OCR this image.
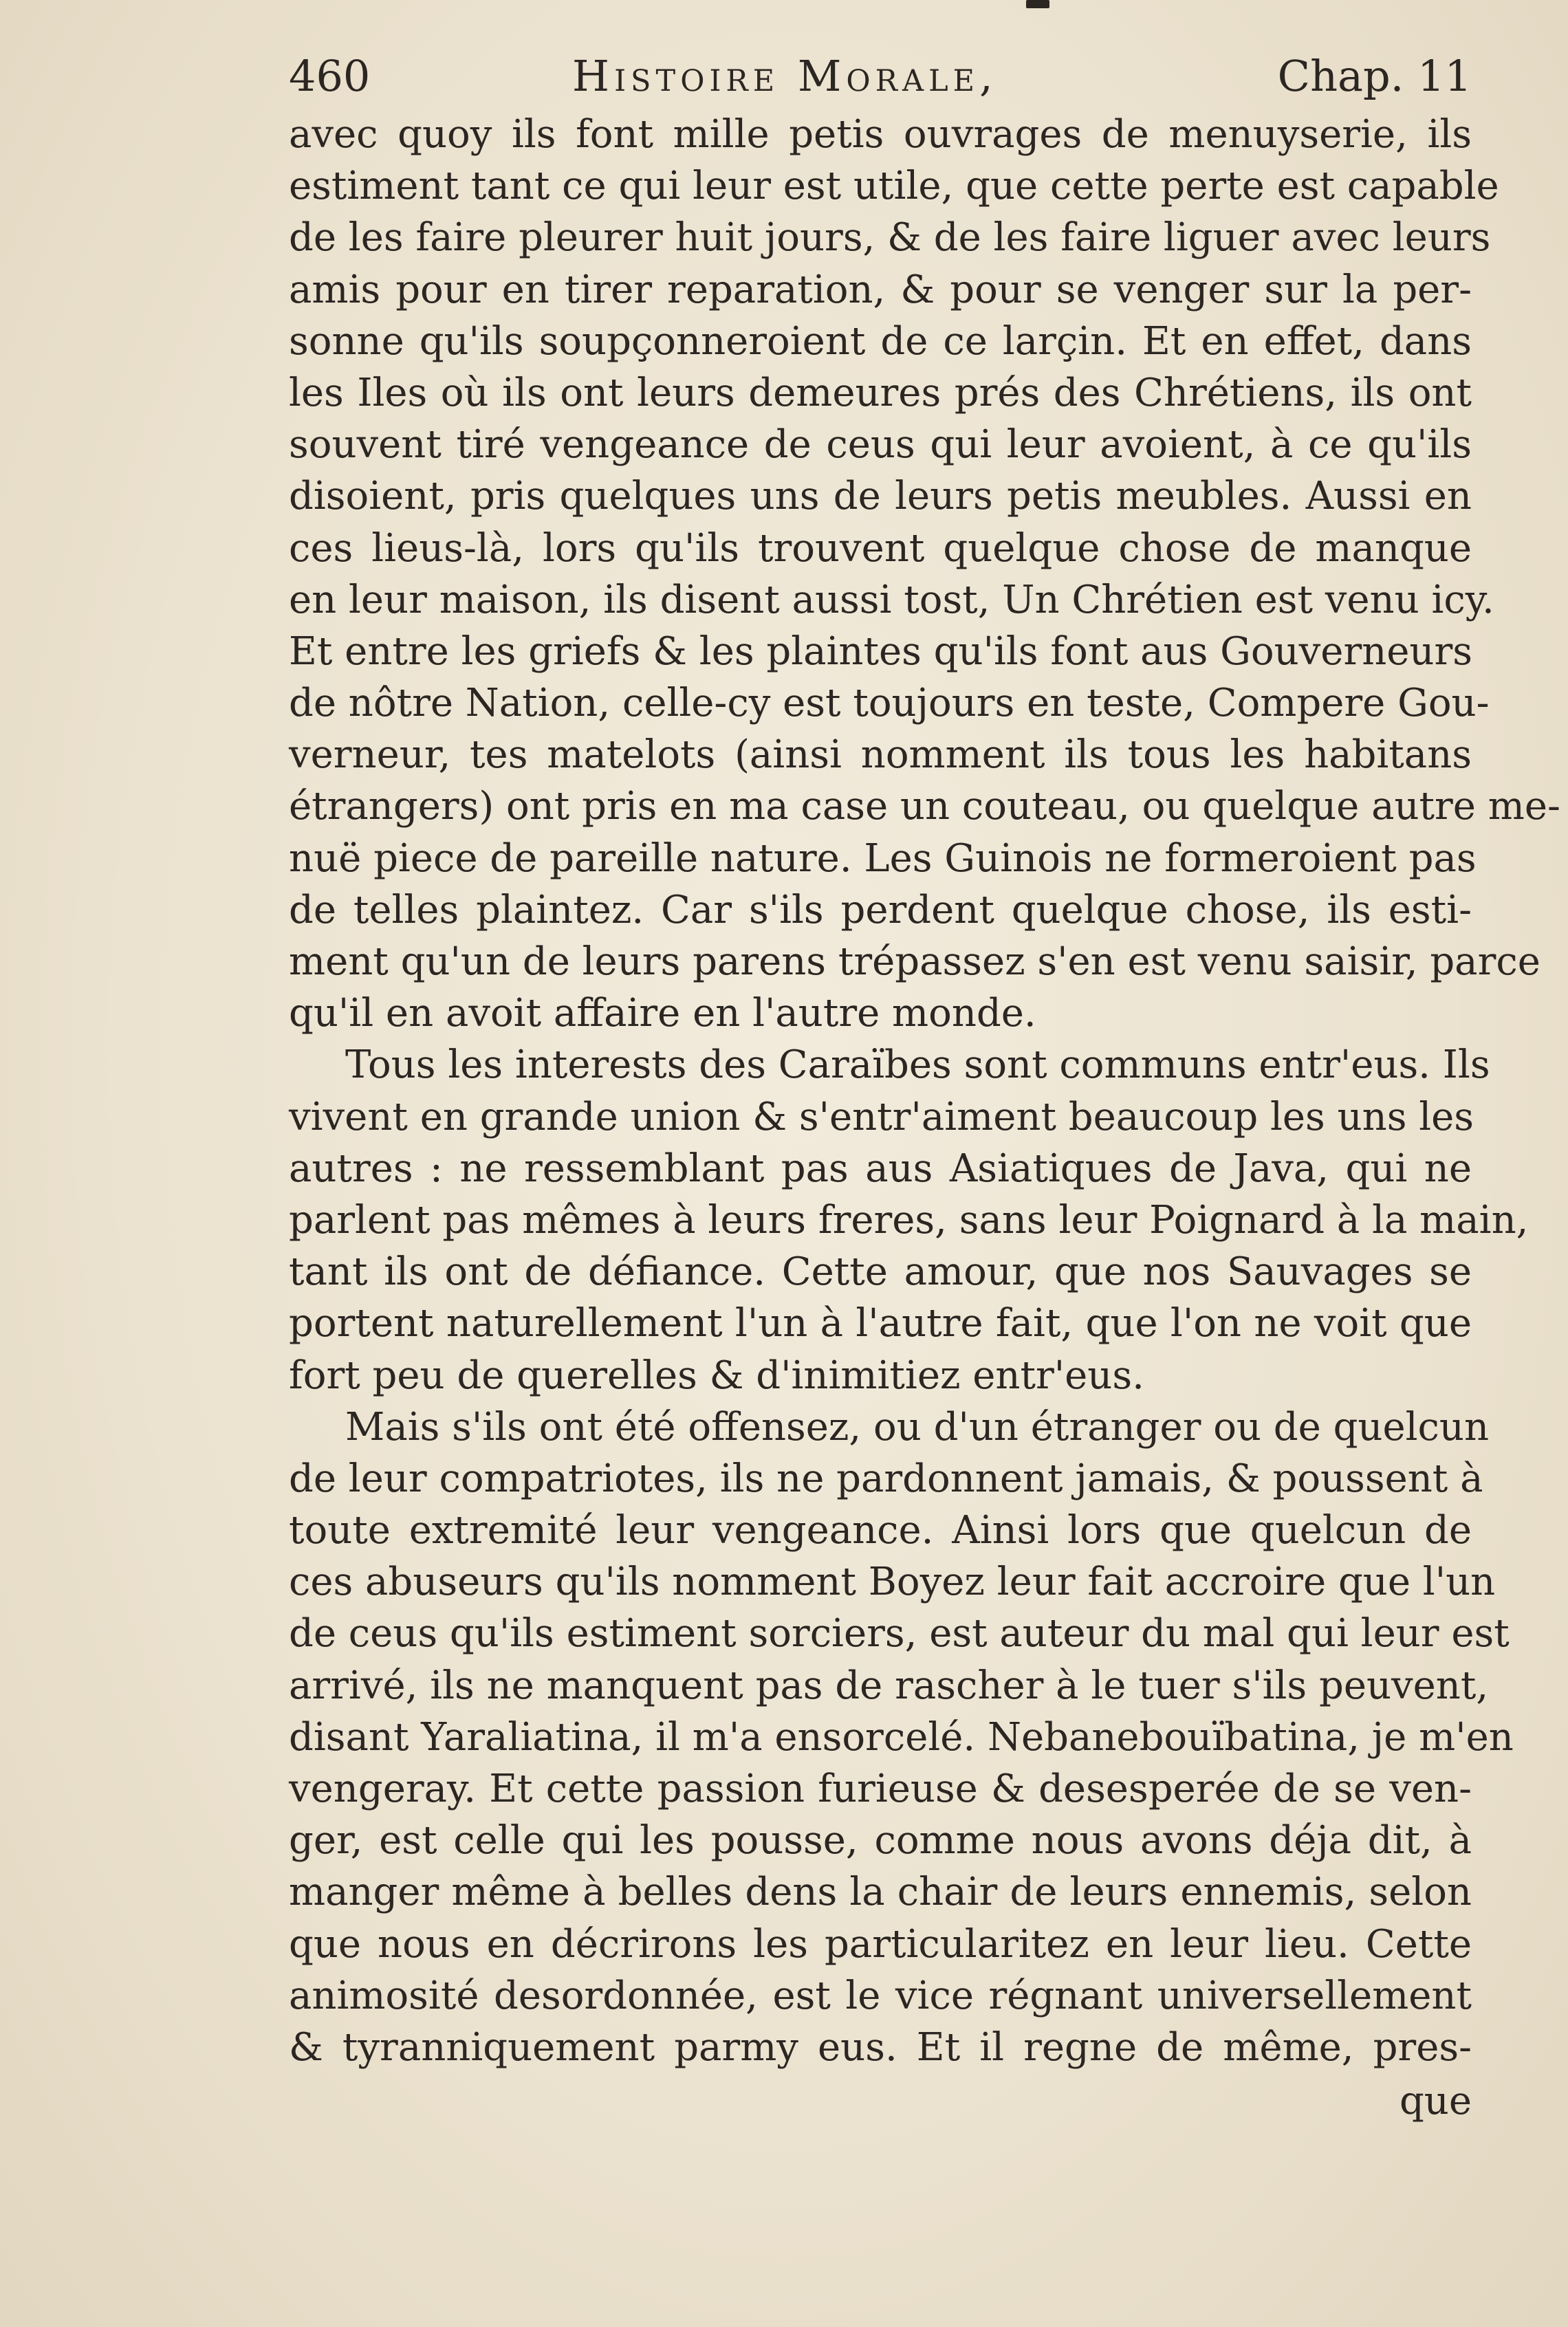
460	Histoire Morale,	Chap. 11
avec quoy ils font mille petis ouvrages de menuyserie, ils
estiment tant ce qui leur est utile, que cette perte est capable
de les faire pleurer huit jours, & de les faire liguer avec leurs
amis pour en tirer reparation, & pour se venger sur la per-
sonne qu'ils soupçonneroient de ce larçin. Et en effet, dans
les Iles où ils ont leurs demeures prés des Chrétiens, ils ont
souvent tiré vengeance de ceus qui leur avoient, à ce qu'ils
disoient, pris quelques uns de leurs petis meubles. Aussi en
ces lieus-là, lors qu'ils trouvent quelque chose de manque
en leur maison, ils disent aussi tost, Un Chrétien est venu icy.
Et entre les griefs & les plaintes qu'ils font aus Gouverneurs
de nôtre Nation, celle-cy est toujours en teste, Compere Gou-
verneur, tes matelots (ainsi nomment ils tous les habitans
étrangers) ont pris en ma case un couteau, ou quelque autre me-
nuë piece de pareille nature. Les Guinois ne formeroient pas
de telles plaintez. Car s'ils perdent quelque chose, ils esti-
ment qu'un de leurs parens trépassez s'en est venu saisir, parce
qu'il en avoit affaire en l'autre monde.
Tous les interests des Caraïbes sont communs entr'eus. Ils
vivent en grande union & s'entr'aiment beaucoup les uns les
autres : ne ressemblant pas aus Asiatiques de Java, qui ne
parlent pas mêmes à leurs freres, sans leur Poignard à la main,
tant ils ont de défiance. Cette amour, que nos Sauvages se
portent naturellement l'un à l'autre fait, que l'on ne voit que
fort peu de querelles & d'inimitiez entr'eus.
Mais s'ils ont été offensez, ou d'un étranger ou de quelcun
de leur compatriotes, ils ne pardonnent jamais, & poussent à
toute extremité leur vengeance. Ainsi lors que quelcun de
ces abuseurs qu'ils nomment Boyez leur fait accroire que l'un
de ceus qu'ils estiment sorciers, est auteur du mal qui leur est
arrivé, ils ne manquent pas de rascher à le tuer s'ils peuvent,
disant Yaraliatina, il m'a ensorcelé. Nebanebouïbatina, je m'en
vengeray. Et cette passion furieuse & desesperée de se ven-
ger, est celle qui les pousse, comme nous avons déja dit, à
manger même à belles dens la chair de leurs ennemis, selon
que nous en décrirons les particularitez en leur lieu. Cette
animosité desordonnée, est le vice régnant universellement
& tyranniquement parmy eus. Et il regne de même, pres-
que
